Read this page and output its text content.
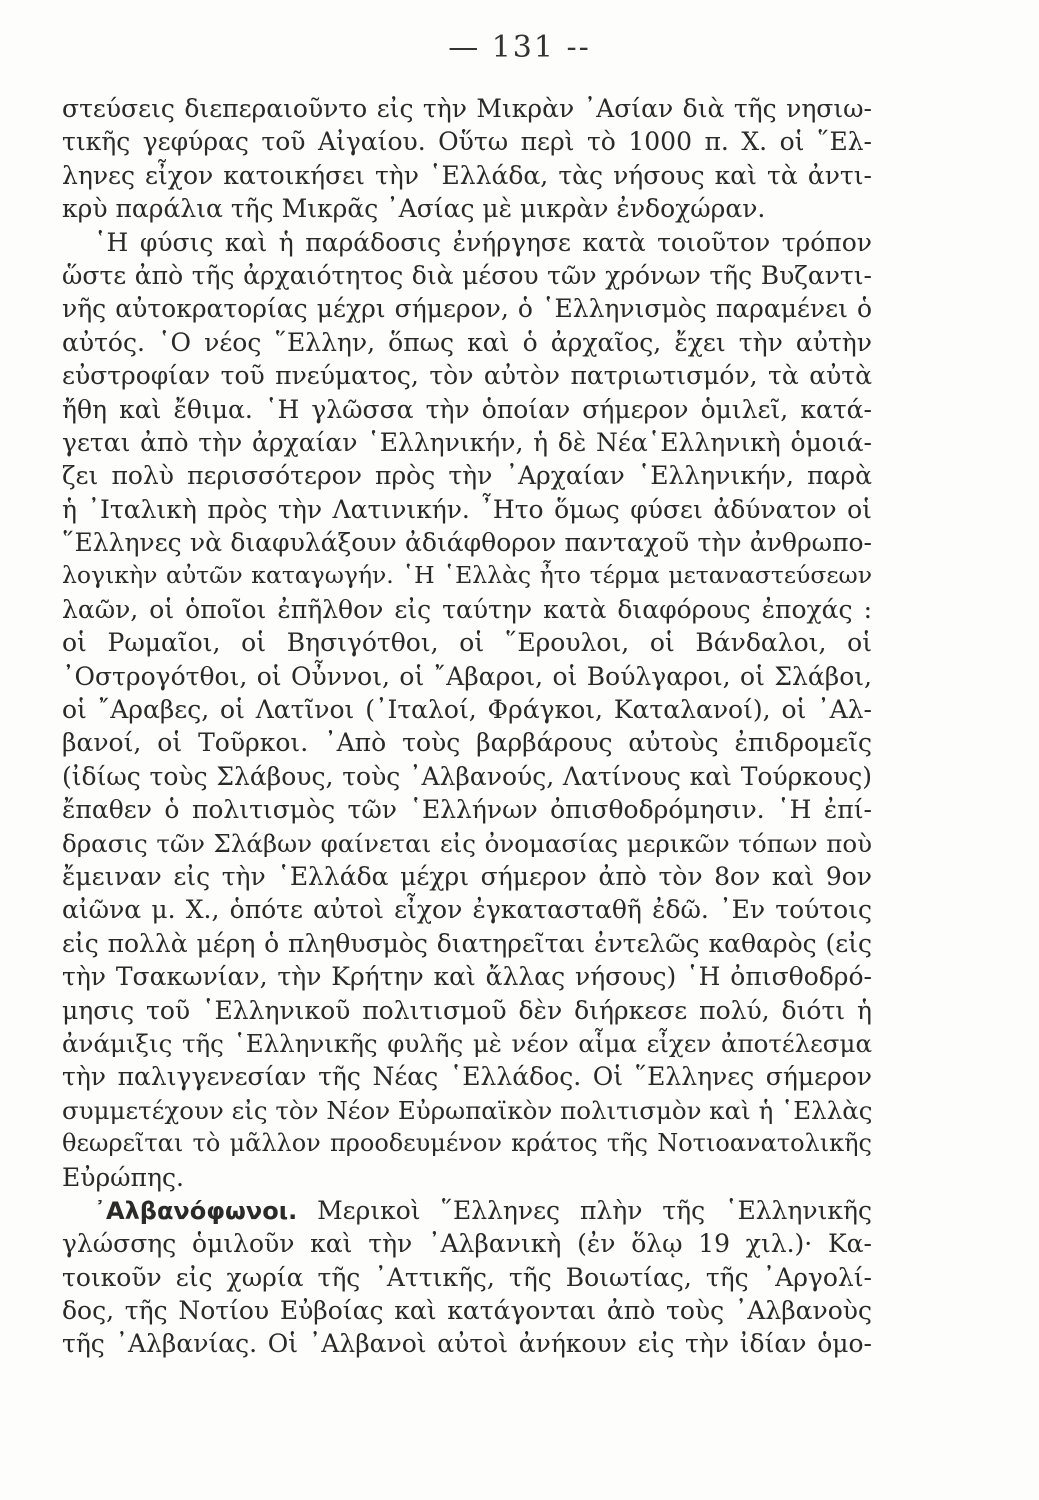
— 131 --
στεύσεις διεπεραιοῦντο εἰς τὴν Μικρὰν ᾿Ασίαν διὰ τῆς νησιω-
τικῆς γεφύρας τοῦ Αἰγαίου. Οὕτω περὶ τὸ 1000 π. Χ. οἱ ῞Ελ-
ληνες εἶχον κατοικήσει τὴν ῾Ελλάδα, τὰς νήσους καὶ τὰ ἀντι-
κρὺ παράλια τῆς Μικρᾶς ᾿Ασίας μὲ μικρὰν ἐνδοχώραν.
῾Η φύσις καὶ ἡ παράδοσις ἐνήργησε κατὰ τοιοῦτον τρόπον
ὥστε ἀπὸ τῆς ἀρχαιότητος διὰ μέσου τῶν χρόνων τῆς Βυζαντι-
νῆς αὐτοκρατορίας μέχρι σήμερον, ὁ ῾Ελληνισμὸς παραμένει ὁ
αὐτός. ῾Ο νέος ῞Ελλην, ὅπως καὶ ὁ ἀρχαῖος, ἔχει τὴν αὐτὴν
εὐστροφίαν τοῦ πνεύματος, τὸν αὐτὸν πατριωτισμόν, τὰ αὐτὰ
ἤθη καὶ ἔθιμα. ῾Η γλῶσσα τὴν ὁποίαν σήμερον ὁμιλεῖ, κατά-
γεται ἀπὸ τὴν ἀρχαίαν ῾Ελληνικήν, ἡ δὲ Νέα῾Ελληνικὴ ὁμοιά-
ζει πολὺ περισσότερον πρὸς τὴν ᾿Αρχαίαν ῾Ελληνικήν, παρὰ
ἡ ᾿Ιταλικὴ πρὸς τὴν Λατινικήν. ῏Ητο ὅμως φύσει ἀδύνατον οἱ
῞Ελληνες νὰ διαφυλάξουν ἀδιάφθορον πανταχοῦ τὴν ἀνθρωπο-
λογικὴν αὐτῶν καταγωγήν. ῾Η ῾Ελλὰς ἦτο τέρμα μεταναστεύσεων
λαῶν, οἱ ὁποῖοι ἐπῆλθον εἰς ταύτην κατὰ διαφόρους ἐποχάς :
οἱ Ρωμαῖοι, οἱ Βησιγότθοι, οἱ ῞Ερουλοι, οἱ Βάνδαλοι, οἱ
᾿Οστρογότθοι, οἱ Οὖννοι, οἱ ῎Αβαροι, οἱ Βούλγαροι, οἱ Σλάβοι,
οἱ ῎Αραβες, οἱ Λατῖνοι (᾿Ιταλοί, Φράγκοι, Καταλανοί), οἱ ᾿Αλ-
βανοί, οἱ Τοῦρκοι. ᾿Απὸ τοὺς βαρβάρους αὐτοὺς ἐπιδρομεῖς
(ἰδίως τοὺς Σλάβους, τοὺς ᾿Αλβανούς, Λατίνους καὶ Τούρκους)
ἔπαθεν ὁ πολιτισμὸς τῶν ῾Ελλήνων ὀπισθοδρόμησιν. ῾Η ἐπί-
δρασις τῶν Σλάβων φαίνεται εἰς ὀνομασίας μερικῶν τόπων ποὺ
ἔμειναν εἰς τὴν ῾Ελλάδα μέχρι σήμερον ἀπὸ τὸν 8ον καὶ 9ον
αἰῶνα μ. Χ., ὁπότε αὐτοὶ εἶχον ἐγκατασταθῆ ἐδῶ. ᾿Εν τούτοις
εἰς πολλὰ μέρη ὁ πληθυσμὸς διατηρεῖται ἐντελῶς καθαρὸς (εἰς
τὴν Τσακωνίαν, τὴν Κρήτην καὶ ἄλλας νήσους) ῾Η ὀπισθοδρό-
μησις τοῦ ῾Ελληνικοῦ πολιτισμοῦ δὲν διήρκεσε πολύ, διότι ἡ
ἀνάμιξις τῆς ῾Ελληνικῆς φυλῆς μὲ νέον αἷμα εἶχεν ἀποτέλεσμα
τὴν παλιγγενεσίαν τῆς Νέας ῾Ελλάδος. Οἱ ῞Ελληνες σήμερον
συμμετέχουν εἰς τὸν Νέον Εὐρωπαϊκὸν πολιτισμὸν καὶ ἡ ῾Ελλὰς
θεωρεῖται τὸ μᾶλλον προοδευμένον κράτος τῆς Νοτιοανατολικῆς
Εὐρώπης.
᾿Αλβανόφωνοι. Μερικοὶ ῞Ελληνες πλὴν τῆς ῾Ελληνικῆς
γλώσσης ὁμιλοῦν καὶ τὴν ᾿Αλβανικὴ (ἐν ὅλῳ 19 χιλ.)· Κα-
τοικοῦν εἰς χωρία τῆς ᾿Αττικῆς, τῆς Βοιωτίας, τῆς ᾿Αργολί-
δος, τῆς Νοτίου Εὐβοίας καὶ κατάγονται ἀπὸ τοὺς ᾿Αλβανοὺς
τῆς ᾿Αλβανίας. Οἱ ᾿Αλβανοὶ αὐτοὶ ἀνήκουν εἰς τὴν ἰδίαν ὁμο-
